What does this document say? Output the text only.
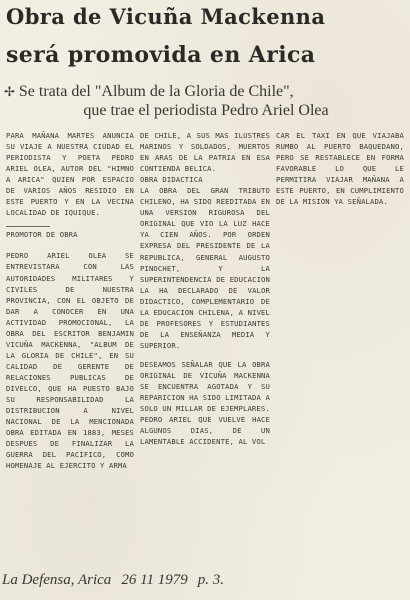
Obra de Vicuña Mackenna
será promovida en Arica
✢ Se trata del "Album de la Gloria de Chile",
que trae el periodista Pedro Ariel Olea

PARA MAÑANA MARTES ANUNCIA SU VIAJE A NUESTRA CIUDAD EL PERIODISTA Y POETA PEDRO ARIEL OLEA, AUTOR DEL "HIMNO A ARICA" QUIEN POR ESPACIO DE VARIOS AÑOS RESIDIO EN ESTE PUERTO Y EN LA VECINA LOCALIDAD DE IQUIQUE.

PROMOTOR DE OBRA

PEDRO ARIEL OLEA SE ENTREVISTARA CON LAS AUTORIDADES MILITARES Y CIVILES DE NUESTRA PROVINCIA, CON EL OBJETO DE DAR A CONOCER EN UNA ACTIVIDAD PROMOCIONAL, LA OBRA DEL ESCRITOR BENJAMIN VICUÑA MACKENNA, "ALBUM DE LA GLORIA DE CHILE", EN SU CALIDAD DE GERENTE DE RELACIONES PUBLICAS DE DIVELCO, QUE HA PUESTO BAJO SU RESPONSABILIDAD LA DISTRIBUCION A NIVEL NACIONAL DE LA MENCIONADA OBRA EDITADA EN 1883, MESES DESPUES DE FINALIZAR LA GUERRA DEL PACIFICO, COMO HOMENAJE AL EJERCITO Y ARMA

DE CHILE, A SUS MAS ILUSTRES MARINOS Y SOLDADOS, MUERTOS EN ARAS DE LA PATRIA EN ESA CONTIENDA BELICA.

OBRA DIDACTICA

LA OBRA DEL GRAN TRIBUTO CHILENO, HA SIDO REEDITADA EN UNA VERSION RIGUROSA DEL ORIGINAL QUE VIO LA LUZ HACE YA CIEN AÑOS. POR ORDEN EXPRESA DEL PRESIDENTE DE LA REPUBLICA, GENERAL AUGUSTO PINOCHET, Y LA SUPERINTENDENCIA DE EDUCACION LA HA DECLARADO DE VALOR DIDACTICO, COMPLEMENTARIO DE LA EDUCACION CHILENA, A NIVEL DE PROFESORES Y ESTUDIANTES DE LA ENSEÑANZA MEDIA Y SUPERIOR.

DESEAMOS SEÑALAR QUE LA OBRA ORIGINAL DE VICUÑA MACKENNA SE ENCUENTRA AGOTADA Y SU REPARICION HA SIDO LIMITADA A SOLO UN MILLAR DE EJEMPLARES.

PEDRO ARIEL QUE VUELVE HACE ALGUNOS DIAS, DE UN LAMENTABLE ACCIDENTE, AL VOL

CAR EL TAXI EN QUE VIAJABA RUMBO AL PUERTO BAQUEDANO, PERO SE RESTABLECE EN FORMA FAVORABLE LO QUE LE PERMITIRA VIAJAR MAÑANA A ESTE PUERTO, EN CUMPLIMIENTO DE LA MISION YA SEÑALADA.

La Defensa, Arica 26 11 1979 p. 3.
